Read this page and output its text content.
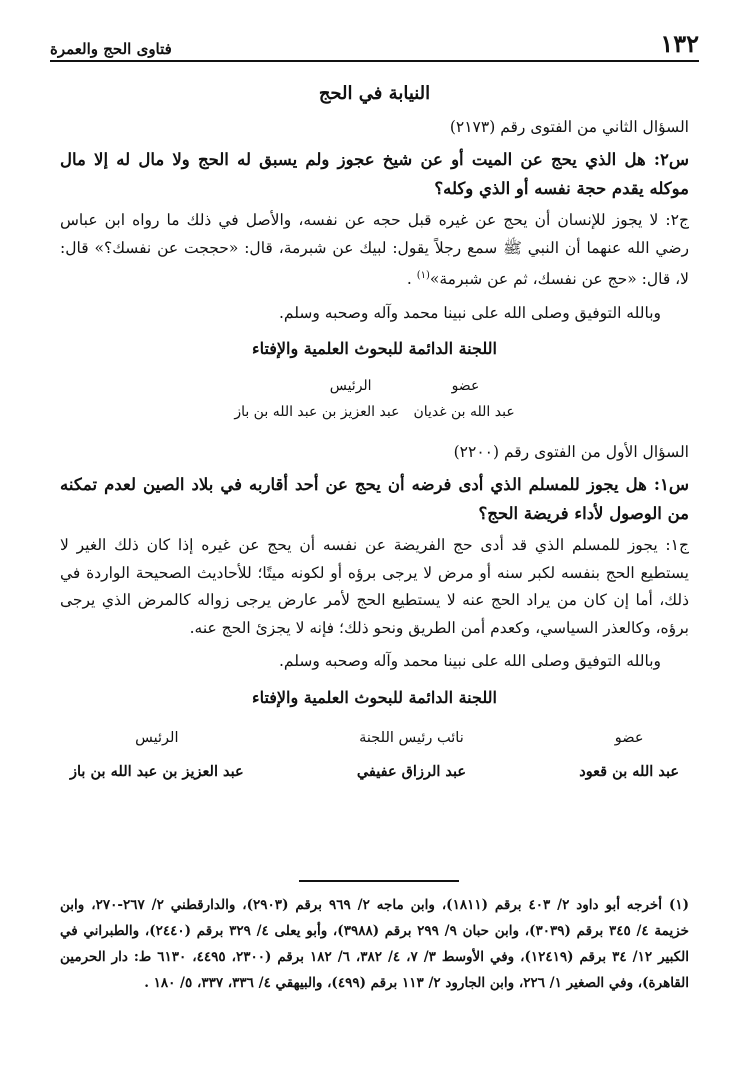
١٣٢
فتاوى الحج والعمرة

النيابة في الحج

السؤال الثاني من الفتوى رقم (٢١٧٣)

س٢: هل الذي يحج عن الميت أو عن شيخ عجوز ولم يسبق له الحج ولا مال له إلا مال موكله يقدم حجة نفسه أو الذي وكله؟

ج٢: لا يجوز للإنسان أن يحج عن غيره قبل حجه عن نفسه، والأصل في ذلك ما رواه ابن عباس رضي الله عنهما أن النبي ﷺ سمع رجلاً يقول: لبيك عن شبرمة، قال: «حججت عن نفسك؟» قال: لا، قال: «حج عن نفسك، ثم عن شبرمة»$^{(١)}$ .

وبالله التوفيق وصلى الله على نبينا محمد وآله وصحبه وسلم.

اللجنة الدائمة للبحوث العلمية والإفتاء

عضو
الرئيس
عبد الله بن غديان
عبد العزيز بن عبد الله بن باز

السؤال الأول من الفتوى رقم (٢٢٠٠)

س١: هل يجوز للمسلم الذي أدى فرضه أن يحج عن أحد أقاربه في بلاد الصين لعدم تمكنه من الوصول لأداء فريضة الحج؟

ج١: يجوز للمسلم الذي قد أدى حج الفريضة عن نفسه أن يحج عن غيره إذا كان ذلك الغير لا يستطيع الحج بنفسه لكبر سنه أو مرض لا يرجى برؤه أو لكونه ميتًا؛ للأحاديث الصحيحة الواردة في ذلك، أما إن كان من يراد الحج عنه لا يستطيع الحج لأمر عارض يرجى زواله كالمرض الذي يرجى برؤه، وكالعذر السياسي، وكعدم أمن الطريق ونحو ذلك؛ فإنه لا يجزئ الحج عنه.

وبالله التوفيق وصلى الله على نبينا محمد وآله وصحبه وسلم.

اللجنة الدائمة للبحوث العلمية والإفتاء

عضو
عبد الله بن قعود
نائب رئيس اللجنة
عبد الرزاق عفيفي
الرئيس
عبد العزيز بن عبد الله بن باز

(١) أخرجه أبو داود ٢/ ٤٠٣ برقم (١٨١١)، وابن ماجه ٢/ ٩٦٩ برقم (٢٩٠٣)، والدارقطني ٢/ ٢٦٧-٢٧٠، وابن خزيمة ٤/ ٣٤٥ برقم (٣٠٣٩)، وابن حبان ٩/ ٢٩٩ برقم (٣٩٨٨)، وأبو يعلى ٤/ ٣٢٩ برقم (٢٤٤٠)، والطبراني في الكبير ١٢/ ٣٤ برقم (١٢٤١٩)، وفي الأوسط ٣/ ٧، ٤/ ٣٨٢، ٦/ ١٨٢ برقم (٢٣٠٠، ٤٤٩٥، ٦١٣٠ ط: دار الحرمين القاهرة)، وفي الصغير ١/ ٢٢٦، وابن الجارود ٢/ ١١٣ برقم (٤٩٩)، والبيهقي ٤/ ٣٣٦، ٣٣٧، ٥/ ١٨٠ .
